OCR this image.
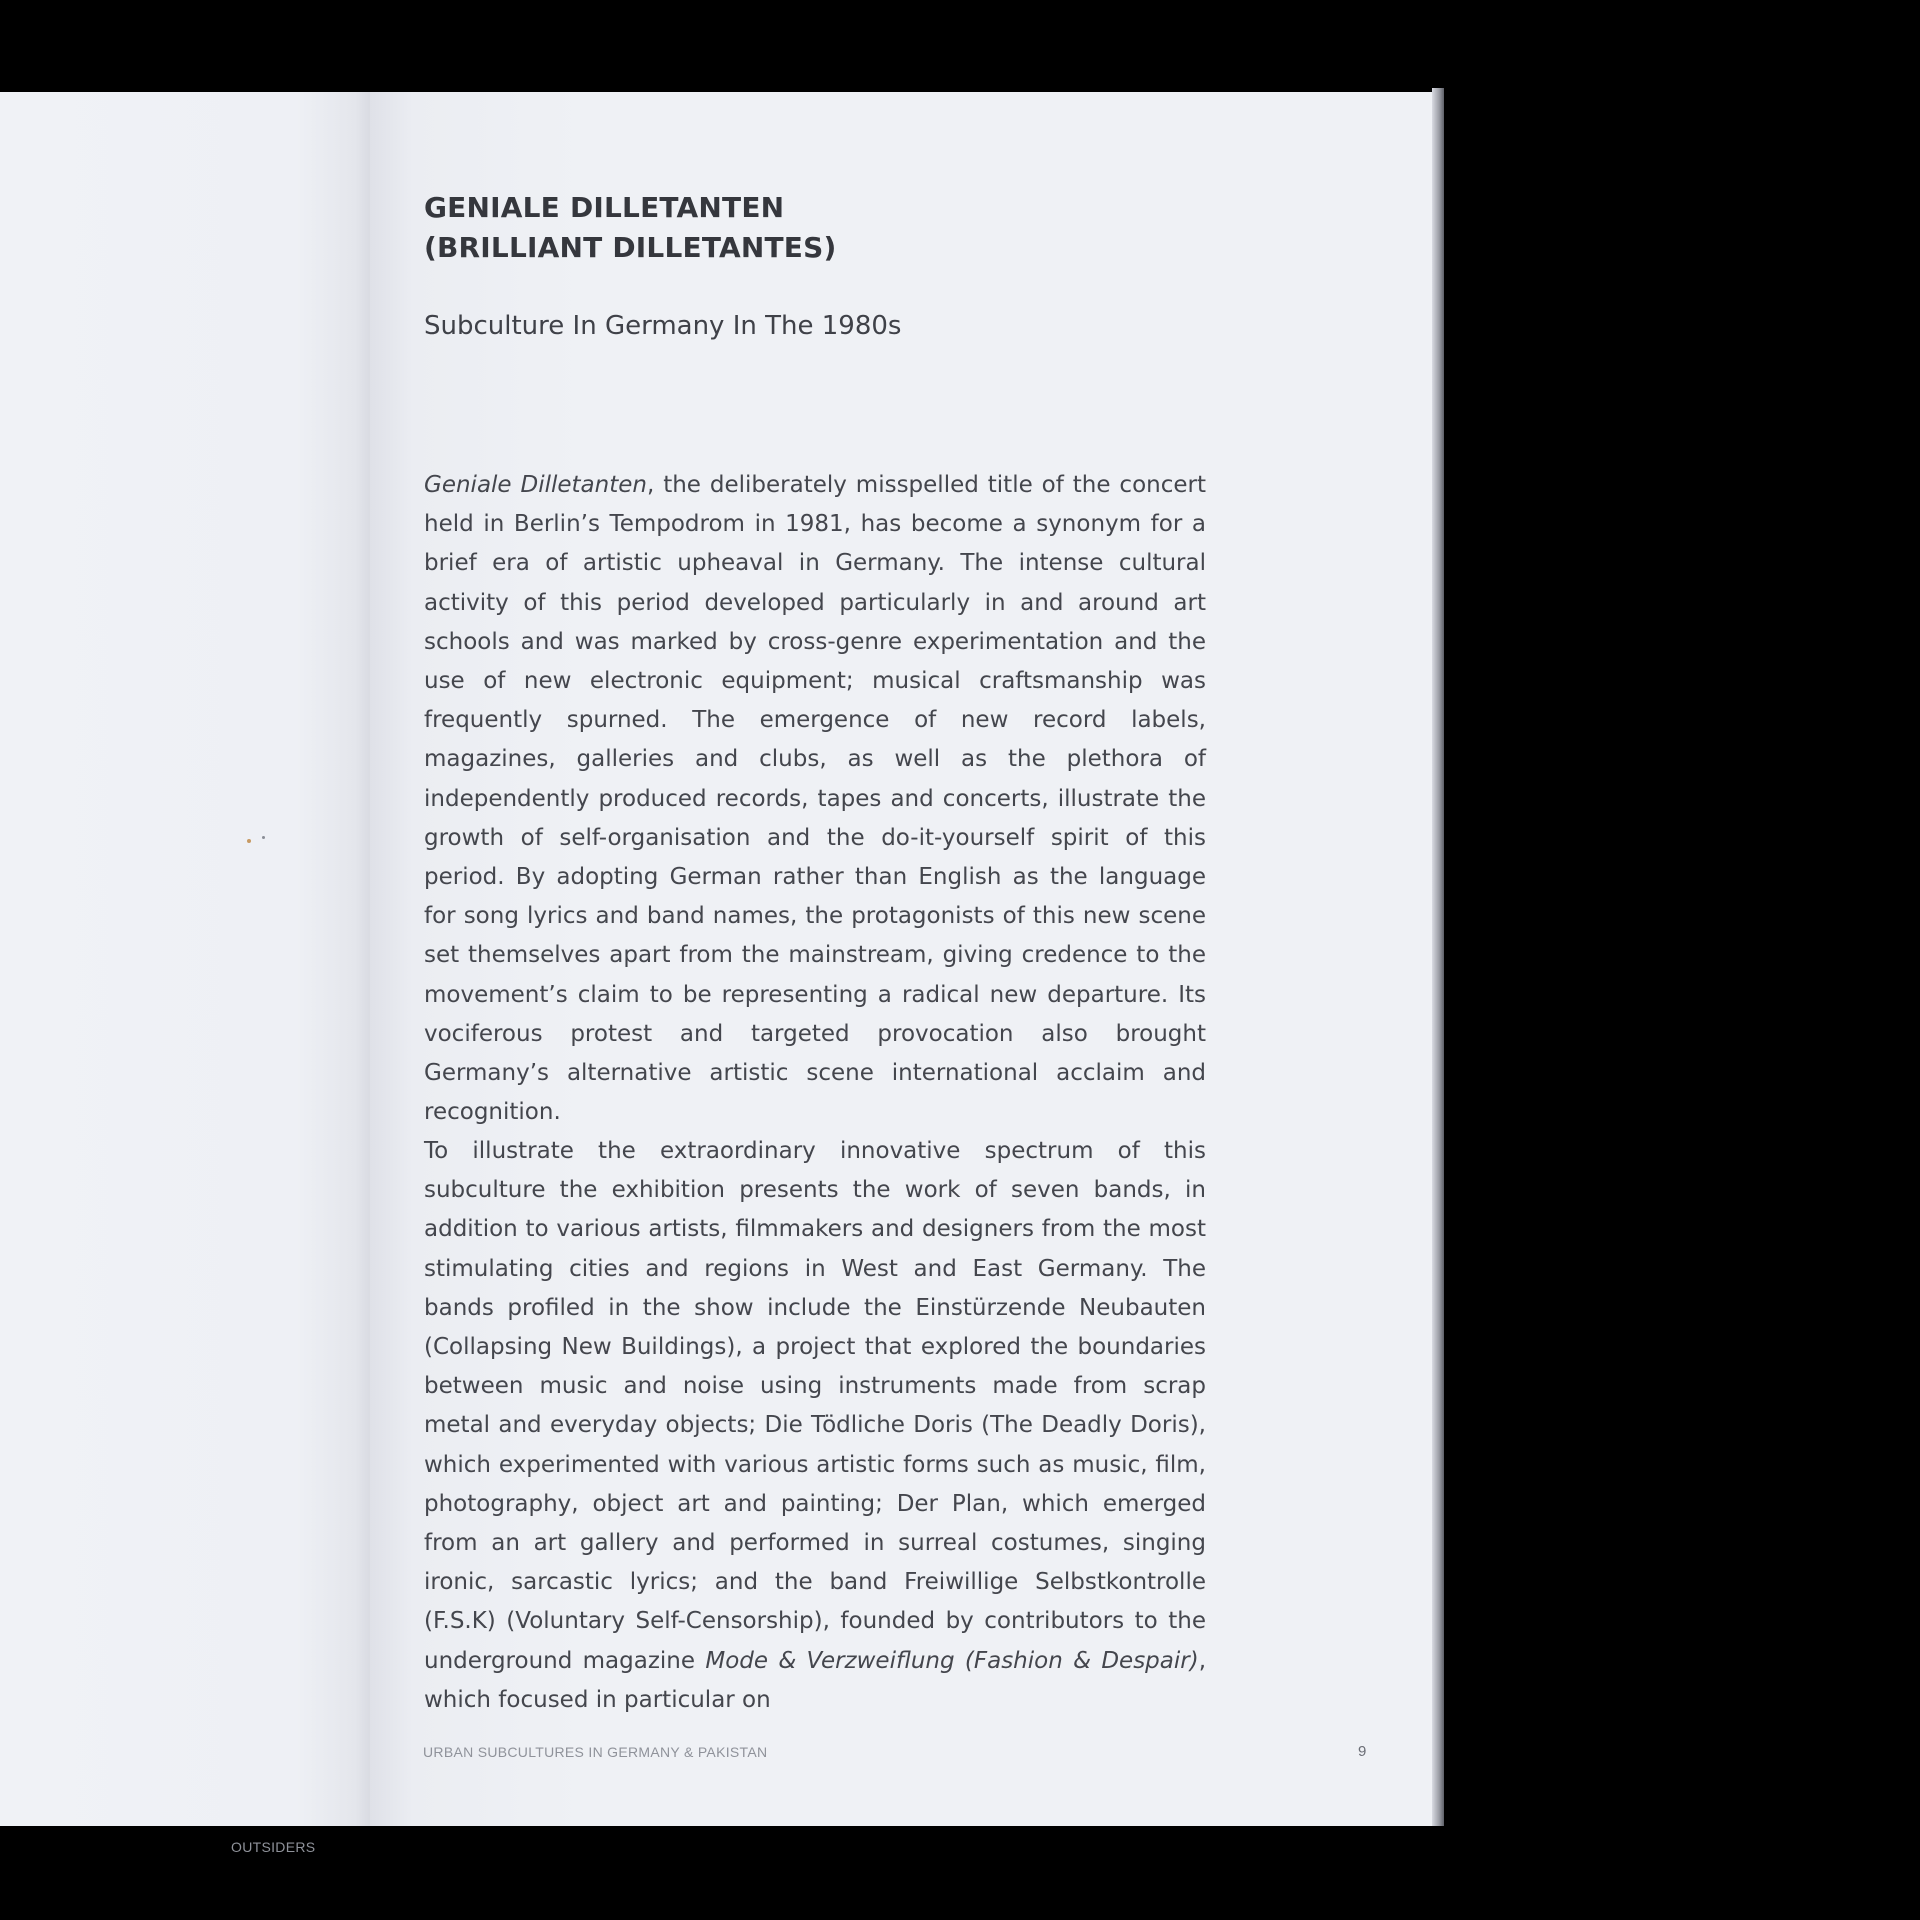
OUTSIDERS
GENIALE DILLETANTEN
(BRILLIANT DILLETANTES)
Subculture In Germany In The 1980s

Geniale Dilletanten, the deliberately misspelled title of the concert held in Berlin’s Tempodrom in 1981, has become a synonym for a brief era of artistic upheaval in Germany. The intense cultural activity of this period developed particularly in and around art schools and was marked by cross-genre experimentation and the use of new electronic equipment; musical craftsmanship was frequently spurned. The emergence of new record labels, magazines, galleries and clubs, as well as the plethora of independently produced records, tapes and concerts, illustrate the growth of self-organisation and the do-it-yourself spirit of this period. By adopting German rather than English as the language for song lyrics and band names, the protagonists of this new scene set themselves apart from the mainstream, giving credence to the movement’s claim to be representing a radical new departure. Its vociferous protest and targeted provocation also brought Germany’s alternative artistic scene international acclaim and recognition.

To illustrate the extraordinary innovative spectrum of this subculture the exhibition presents the work of seven bands, in addition to various artists, filmmakers and designers from the most stimulating cities and regions in West and East Germany. The bands profiled in the show include the Einstürzende Neubauten (Collapsing New Buildings), a project that explored the boundaries between music and noise using instruments made from scrap metal and everyday objects; Die Tödliche Doris (The Deadly Doris), which experimented with various artistic forms such as music, film, photography, object art and painting; Der Plan, which emerged from an art gallery and performed in surreal costumes, singing ironic, sarcastic lyrics; and the band Freiwillige Selbstkontrolle (F.S.K) (Voluntary Self-Censorship), founded by contributors to the underground magazine Mode & Verzweiflung (Fashion & Despair), which focused in particular on

URBAN SUBCULTURES IN GERMANY & PAKISTAN	9
